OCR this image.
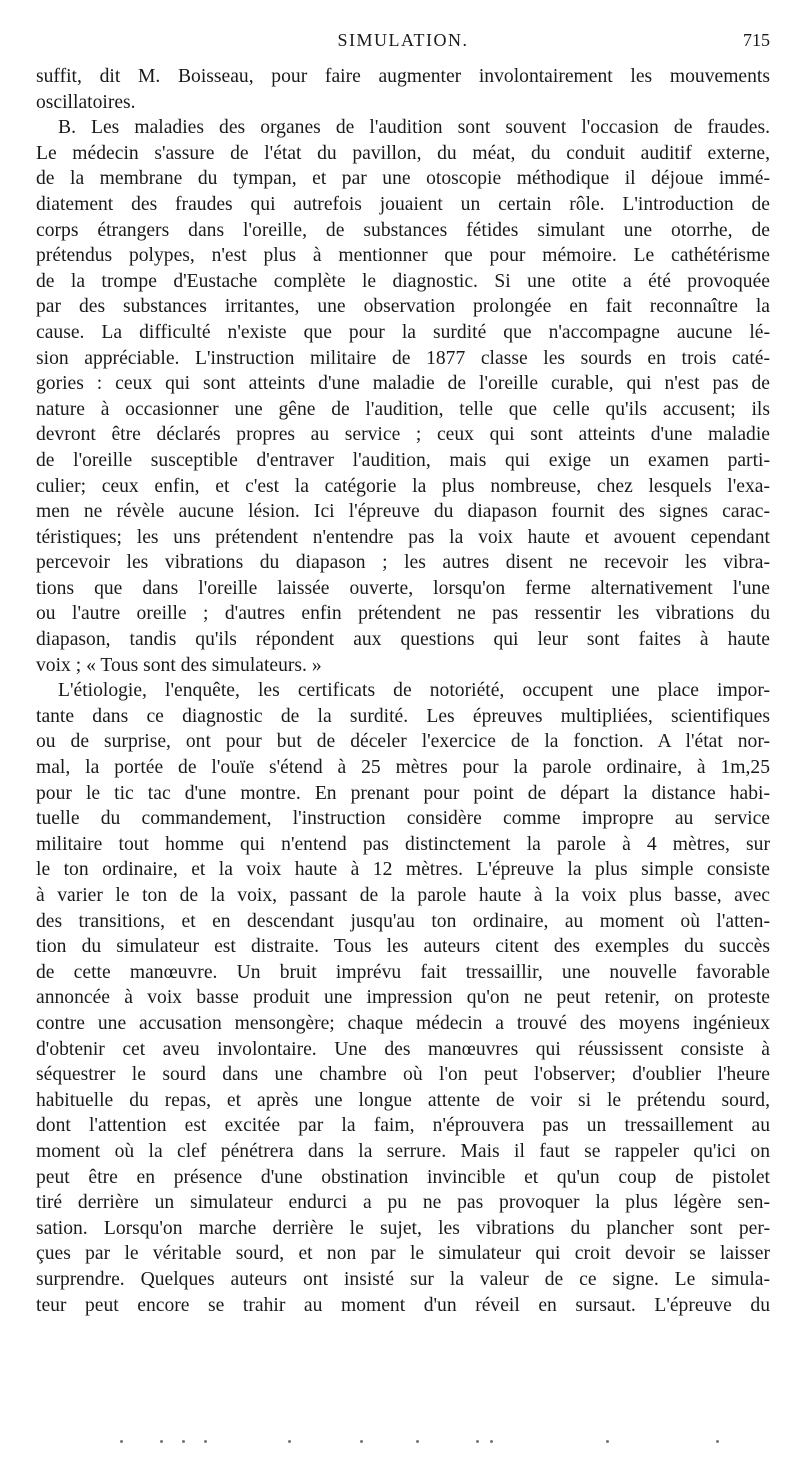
SIMULATION.	715
suffit, dit M. Boisseau, pour faire augmenter involontairement les mouvements
oscillatoires.
B. Les maladies des organes de l'audition sont souvent l'occasion de fraudes.
Le médecin s'assure de l'état du pavillon, du méat, du conduit auditif externe,
de la membrane du tympan, et par une otoscopie méthodique il déjoue immé-
diatement des fraudes qui autrefois jouaient un certain rôle. L'introduction de
corps étrangers dans l'oreille, de substances fétides simulant une otorrhe, de
prétendus polypes, n'est plus à mentionner que pour mémoire. Le cathétérisme
de la trompe d'Eustache complète le diagnostic. Si une otite a été provoquée
par des substances irritantes, une observation prolongée en fait reconnaître la
cause. La difficulté n'existe que pour la surdité que n'accompagne aucune lé-
sion appréciable. L'instruction militaire de 1877 classe les sourds en trois caté-
gories : ceux qui sont atteints d'une maladie de l'oreille curable, qui n'est pas de
nature à occasionner une gêne de l'audition, telle que celle qu'ils accusent; ils
devront être déclarés propres au service ; ceux qui sont atteints d'une maladie
de l'oreille susceptible d'entraver l'audition, mais qui exige un examen parti-
culier; ceux enfin, et c'est la catégorie la plus nombreuse, chez lesquels l'exa-
men ne révèle aucune lésion. Ici l'épreuve du diapason fournit des signes carac-
téristiques; les uns prétendent n'entendre pas la voix haute et avouent cependant
percevoir les vibrations du diapason ; les autres disent ne recevoir les vibra-
tions que dans l'oreille laissée ouverte, lorsqu'on ferme alternativement l'une
ou l'autre oreille ; d'autres enfin prétendent ne pas ressentir les vibrations du
diapason, tandis qu'ils répondent aux questions qui leur sont faites à haute
voix ; « Tous sont des simulateurs. »
L'étiologie, l'enquête, les certificats de notoriété, occupent une place impor-
tante dans ce diagnostic de la surdité. Les épreuves multipliées, scientifiques
ou de surprise, ont pour but de déceler l'exercice de la fonction. A l'état nor-
mal, la portée de l'ouïe s'étend à 25 mètres pour la parole ordinaire, à 1m,25
pour le tic tac d'une montre. En prenant pour point de départ la distance habi-
tuelle du commandement, l'instruction considère comme impropre au service
militaire tout homme qui n'entend pas distinctement la parole à 4 mètres, sur
le ton ordinaire, et la voix haute à 12 mètres. L'épreuve la plus simple consiste
à varier le ton de la voix, passant de la parole haute à la voix plus basse, avec
des transitions, et en descendant jusqu'au ton ordinaire, au moment où l'atten-
tion du simulateur est distraite. Tous les auteurs citent des exemples du succès
de cette manœuvre. Un bruit imprévu fait tressaillir, une nouvelle favorable
annoncée à voix basse produit une impression qu'on ne peut retenir, on proteste
contre une accusation mensongère; chaque médecin a trouvé des moyens ingénieux
d'obtenir cet aveu involontaire. Une des manœuvres qui réussissent consiste à
séquestrer le sourd dans une chambre où l'on peut l'observer; d'oublier l'heure
habituelle du repas, et après une longue attente de voir si le prétendu sourd,
dont l'attention est excitée par la faim, n'éprouvera pas un tressaillement au
moment où la clef pénétrera dans la serrure. Mais il faut se rappeler qu'ici on
peut être en présence d'une obstination invincible et qu'un coup de pistolet
tiré derrière un simulateur endurci a pu ne pas provoquer la plus légère sen-
sation. Lorsqu'on marche derrière le sujet, les vibrations du plancher sont per-
çues par le véritable sourd, et non par le simulateur qui croit devoir se laisser
surprendre. Quelques auteurs ont insisté sur la valeur de ce signe. Le simula-
teur peut encore se trahir au moment d'un réveil en sursaut. L'épreuve du
